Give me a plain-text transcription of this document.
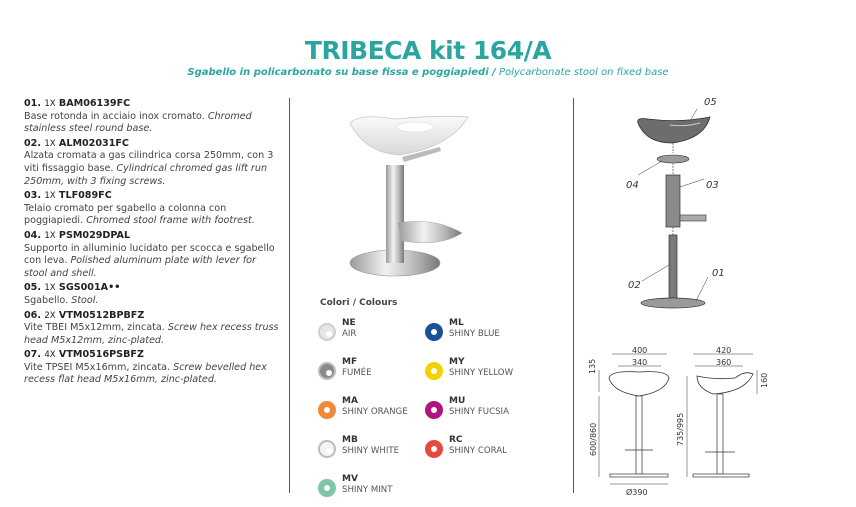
TRIBECA kit 164/A
Sgabello in policarbonato su base fissa e poggiapiedi / Polycarbonate stool on fixed base
01. 1X BAM06139FC
Base rotonda in acciaio inox cromato. Chromed stainless steel round base.
02. 1X ALM02031FC
Alzata cromata a gas cilindrica corsa 250mm, con 3 viti fissaggio base. Cylindrical chromed gas lift run 250mm, with 3 fixing screws.
03. 1X TLF089FC
Telaio cromato per sgabello a colonna con poggiapiedi. Chromed stool frame with footrest.
04. 1X PSM029DPAL
Supporto in alluminio lucidato per scocca e sgabello con leva. Polished aluminum plate with lever for stool and shell.
05. 1X SGS001A••
Sgabello. Stool.
06. 2X VTM0512BPBFZ
Vite TBEI M5x12mm, zincata. Screw hex recess truss head M5x12mm, zinc-plated.
07. 4X VTM0516PSBFZ
Vite TPSEI M5x16mm, zincata. Screw bevelled hex recess flat head M5x16mm, zinc-plated.
Colori / Colours
NE
AIR
ML
SHINY BLUE
MF
FUMÉE
MY
SHINY YELLOW
MA
SHINY ORANGE
MU
SHINY FUCSIA
MB
SHINY WHITE
RC
SHINY CORAL
MV
SHINY MINT
05
04	03
02
01
400
340
135
600/860
Ø390
420
360
160
735/995
